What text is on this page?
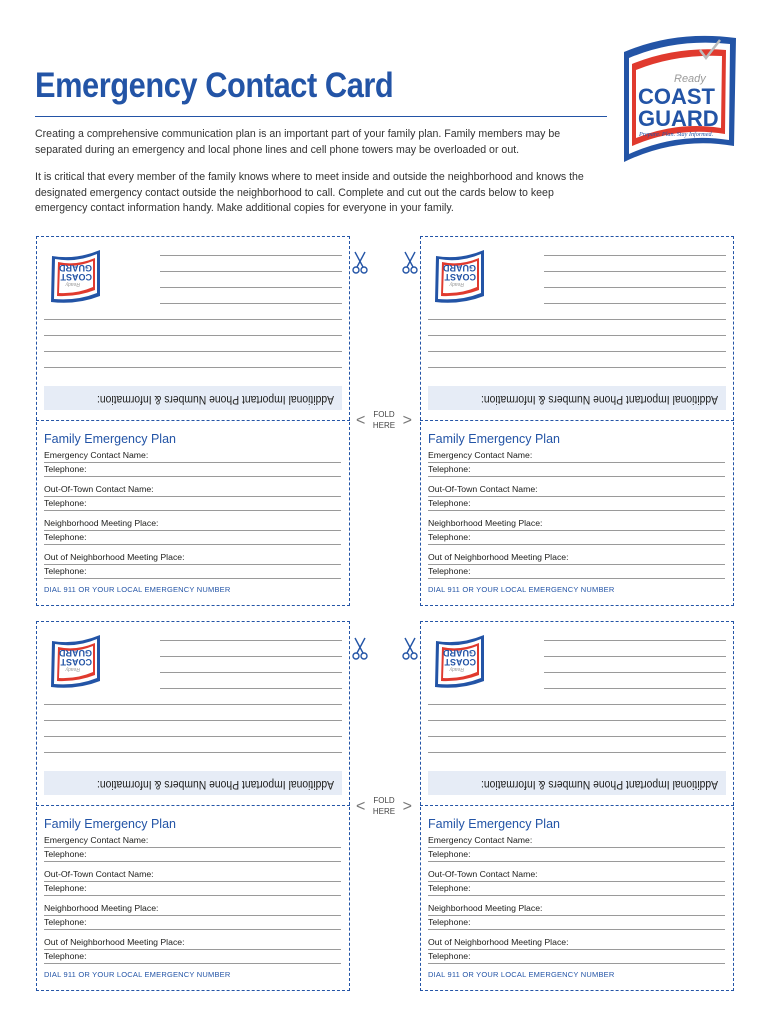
Emergency Contact Card

Creating a comprehensive communication plan is an important part of your family plan. Family members may be separated during an emergency and local phone lines and cell phone towers may be overloaded or out.

It is critical that every member of the family knows where to meet inside and outside the neighborhood and knows the designated emergency contact outside the neighborhood to call. Complete and cut out the cards below to keep emergency contact information handy. Make additional copies for everyone in your family.

Ready
COAST
GUARD
Prepare. Plan. Stay Informed.
Additional Important Phone Numbers & Information:
Ready
COAST
GUARD
Family Emergency Plan
Emergency Contact Name:
Telephone:
Out-Of-Town Contact Name:
Telephone:
Neighborhood Meeting Place:
Telephone:
Out of Neighborhood Meeting Place:
Telephone:
DIAL 911 OR YOUR LOCAL EMERGENCY NUMBER
Additional Important Phone Numbers & Information:
Ready
COAST
GUARD
Family Emergency Plan
Emergency Contact Name:
Telephone:
Out-Of-Town Contact Name:
Telephone:
Neighborhood Meeting Place:
Telephone:
Out of Neighborhood Meeting Place:
Telephone:
DIAL 911 OR YOUR LOCAL EMERGENCY NUMBER
Additional Important Phone Numbers & Information:
Ready
COAST
GUARD
Family Emergency Plan
Emergency Contact Name:
Telephone:
Out-Of-Town Contact Name:
Telephone:
Neighborhood Meeting Place:
Telephone:
Out of Neighborhood Meeting Place:
Telephone:
DIAL 911 OR YOUR LOCAL EMERGENCY NUMBER
Additional Important Phone Numbers & Information:
Ready
COAST
GUARD
Family Emergency Plan
Emergency Contact Name:
Telephone:
Out-Of-Town Contact Name:
Telephone:
Neighborhood Meeting Place:
Telephone:
Out of Neighborhood Meeting Place:
Telephone:
DIAL 911 OR YOUR LOCAL EMERGENCY NUMBER
< FOLD
HERE >
< FOLD
HERE >
